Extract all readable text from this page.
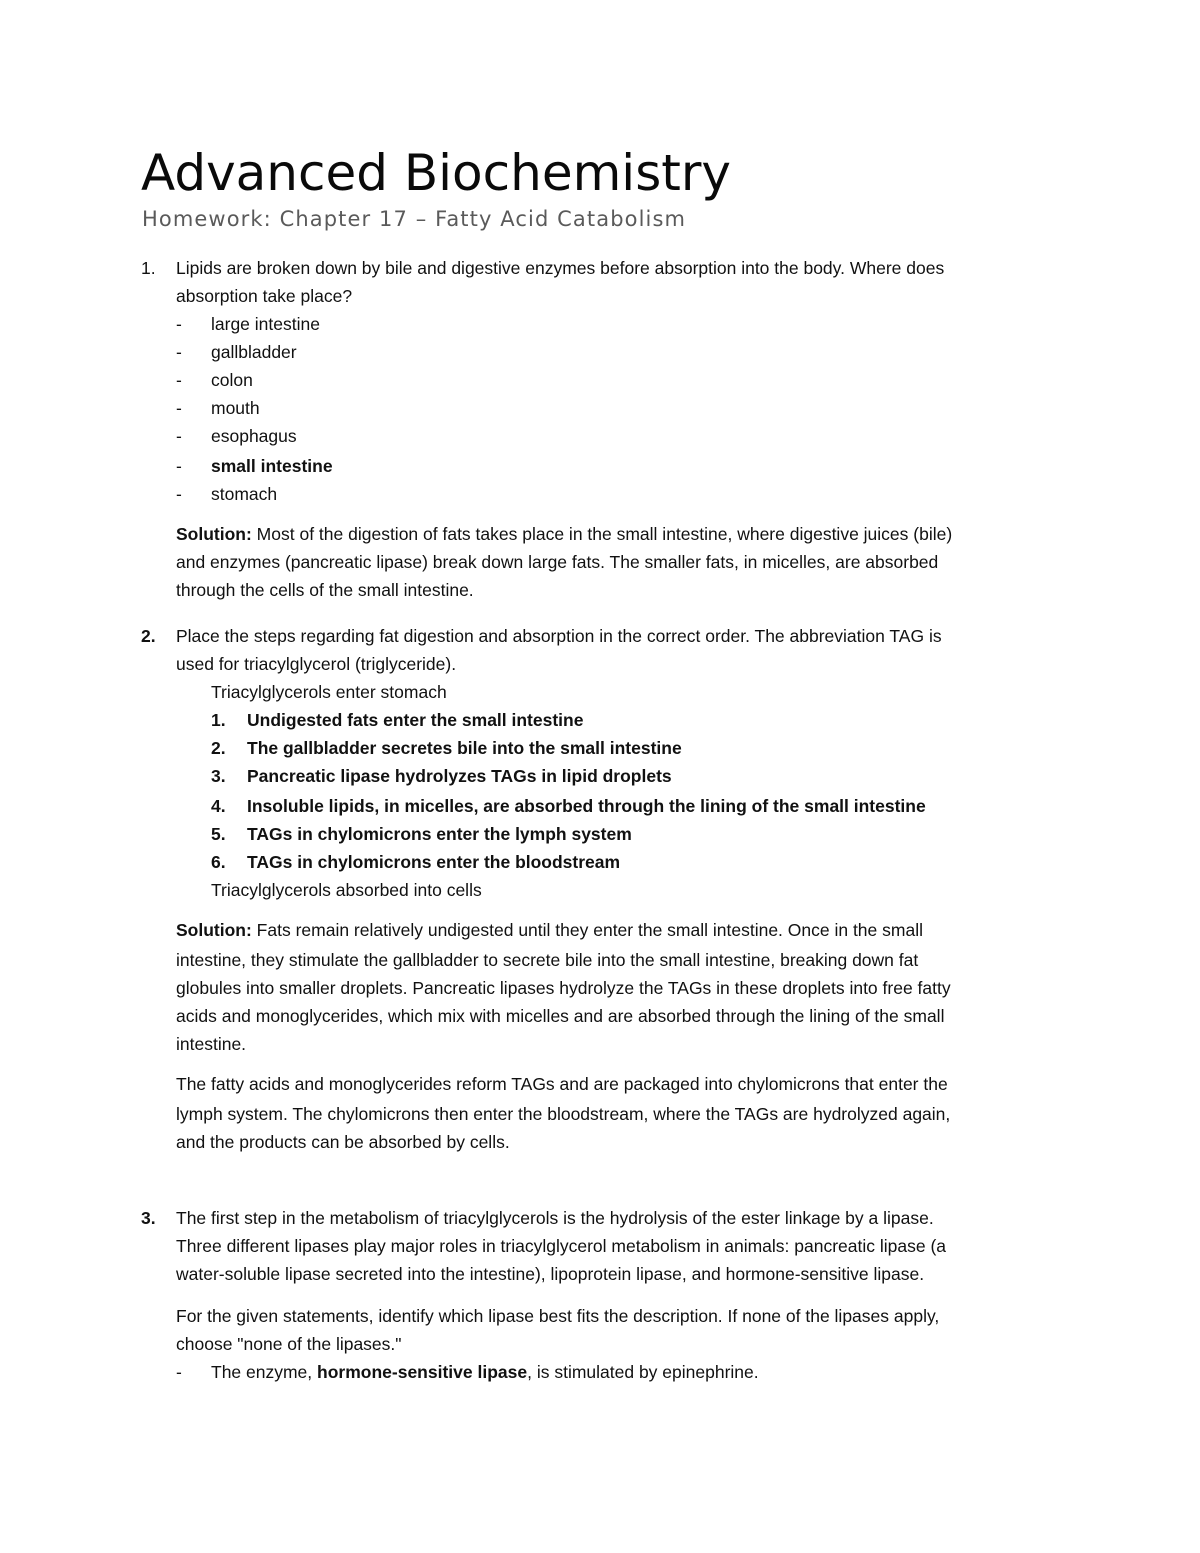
Advanced Biochemistry
Homework: Chapter 17 – Fatty Acid Catabolism
1. Lipids are broken down by bile and digestive enzymes before absorption into the body. Where does
absorption take place?
- large intestine
- gallbladder
- colon
- mouth
- esophagus
- small intestine
- stomach
Solution: Most of the digestion of fats takes place in the small intestine, where digestive juices (bile)
and enzymes (pancreatic lipase) break down large fats. The smaller fats, in micelles, are absorbed
through the cells of the small intestine.
2. Place the steps regarding fat digestion and absorption in the correct order. The abbreviation TAG is
used for triacylglycerol (triglyceride).
Triacylglycerols enter stomach
1. Undigested fats enter the small intestine
2. The gallbladder secretes bile into the small intestine
3. Pancreatic lipase hydrolyzes TAGs in lipid droplets
4. Insoluble lipids, in micelles, are absorbed through the lining of the small intestine
5. TAGs in chylomicrons enter the lymph system
6. TAGs in chylomicrons enter the bloodstream
Triacylglycerols absorbed into cells
Solution: Fats remain relatively undigested until they enter the small intestine. Once in the small
intestine, they stimulate the gallbladder to secrete bile into the small intestine, breaking down fat
globules into smaller droplets. Pancreatic lipases hydrolyze the TAGs in these droplets into free fatty
acids and monoglycerides, which mix with micelles and are absorbed through the lining of the small
intestine.
The fatty acids and monoglycerides reform TAGs and are packaged into chylomicrons that enter the
lymph system. The chylomicrons then enter the bloodstream, where the TAGs are hydrolyzed again,
and the products can be absorbed by cells.
3. The first step in the metabolism of triacylglycerols is the hydrolysis of the ester linkage by a lipase.
Three different lipases play major roles in triacylglycerol metabolism in animals: pancreatic lipase (a
water-soluble lipase secreted into the intestine), lipoprotein lipase, and hormone-sensitive lipase.
For the given statements, identify which lipase best fits the description. If none of the lipases apply,
choose "none of the lipases."
- The enzyme, hormone-sensitive lipase, is stimulated by epinephrine.
